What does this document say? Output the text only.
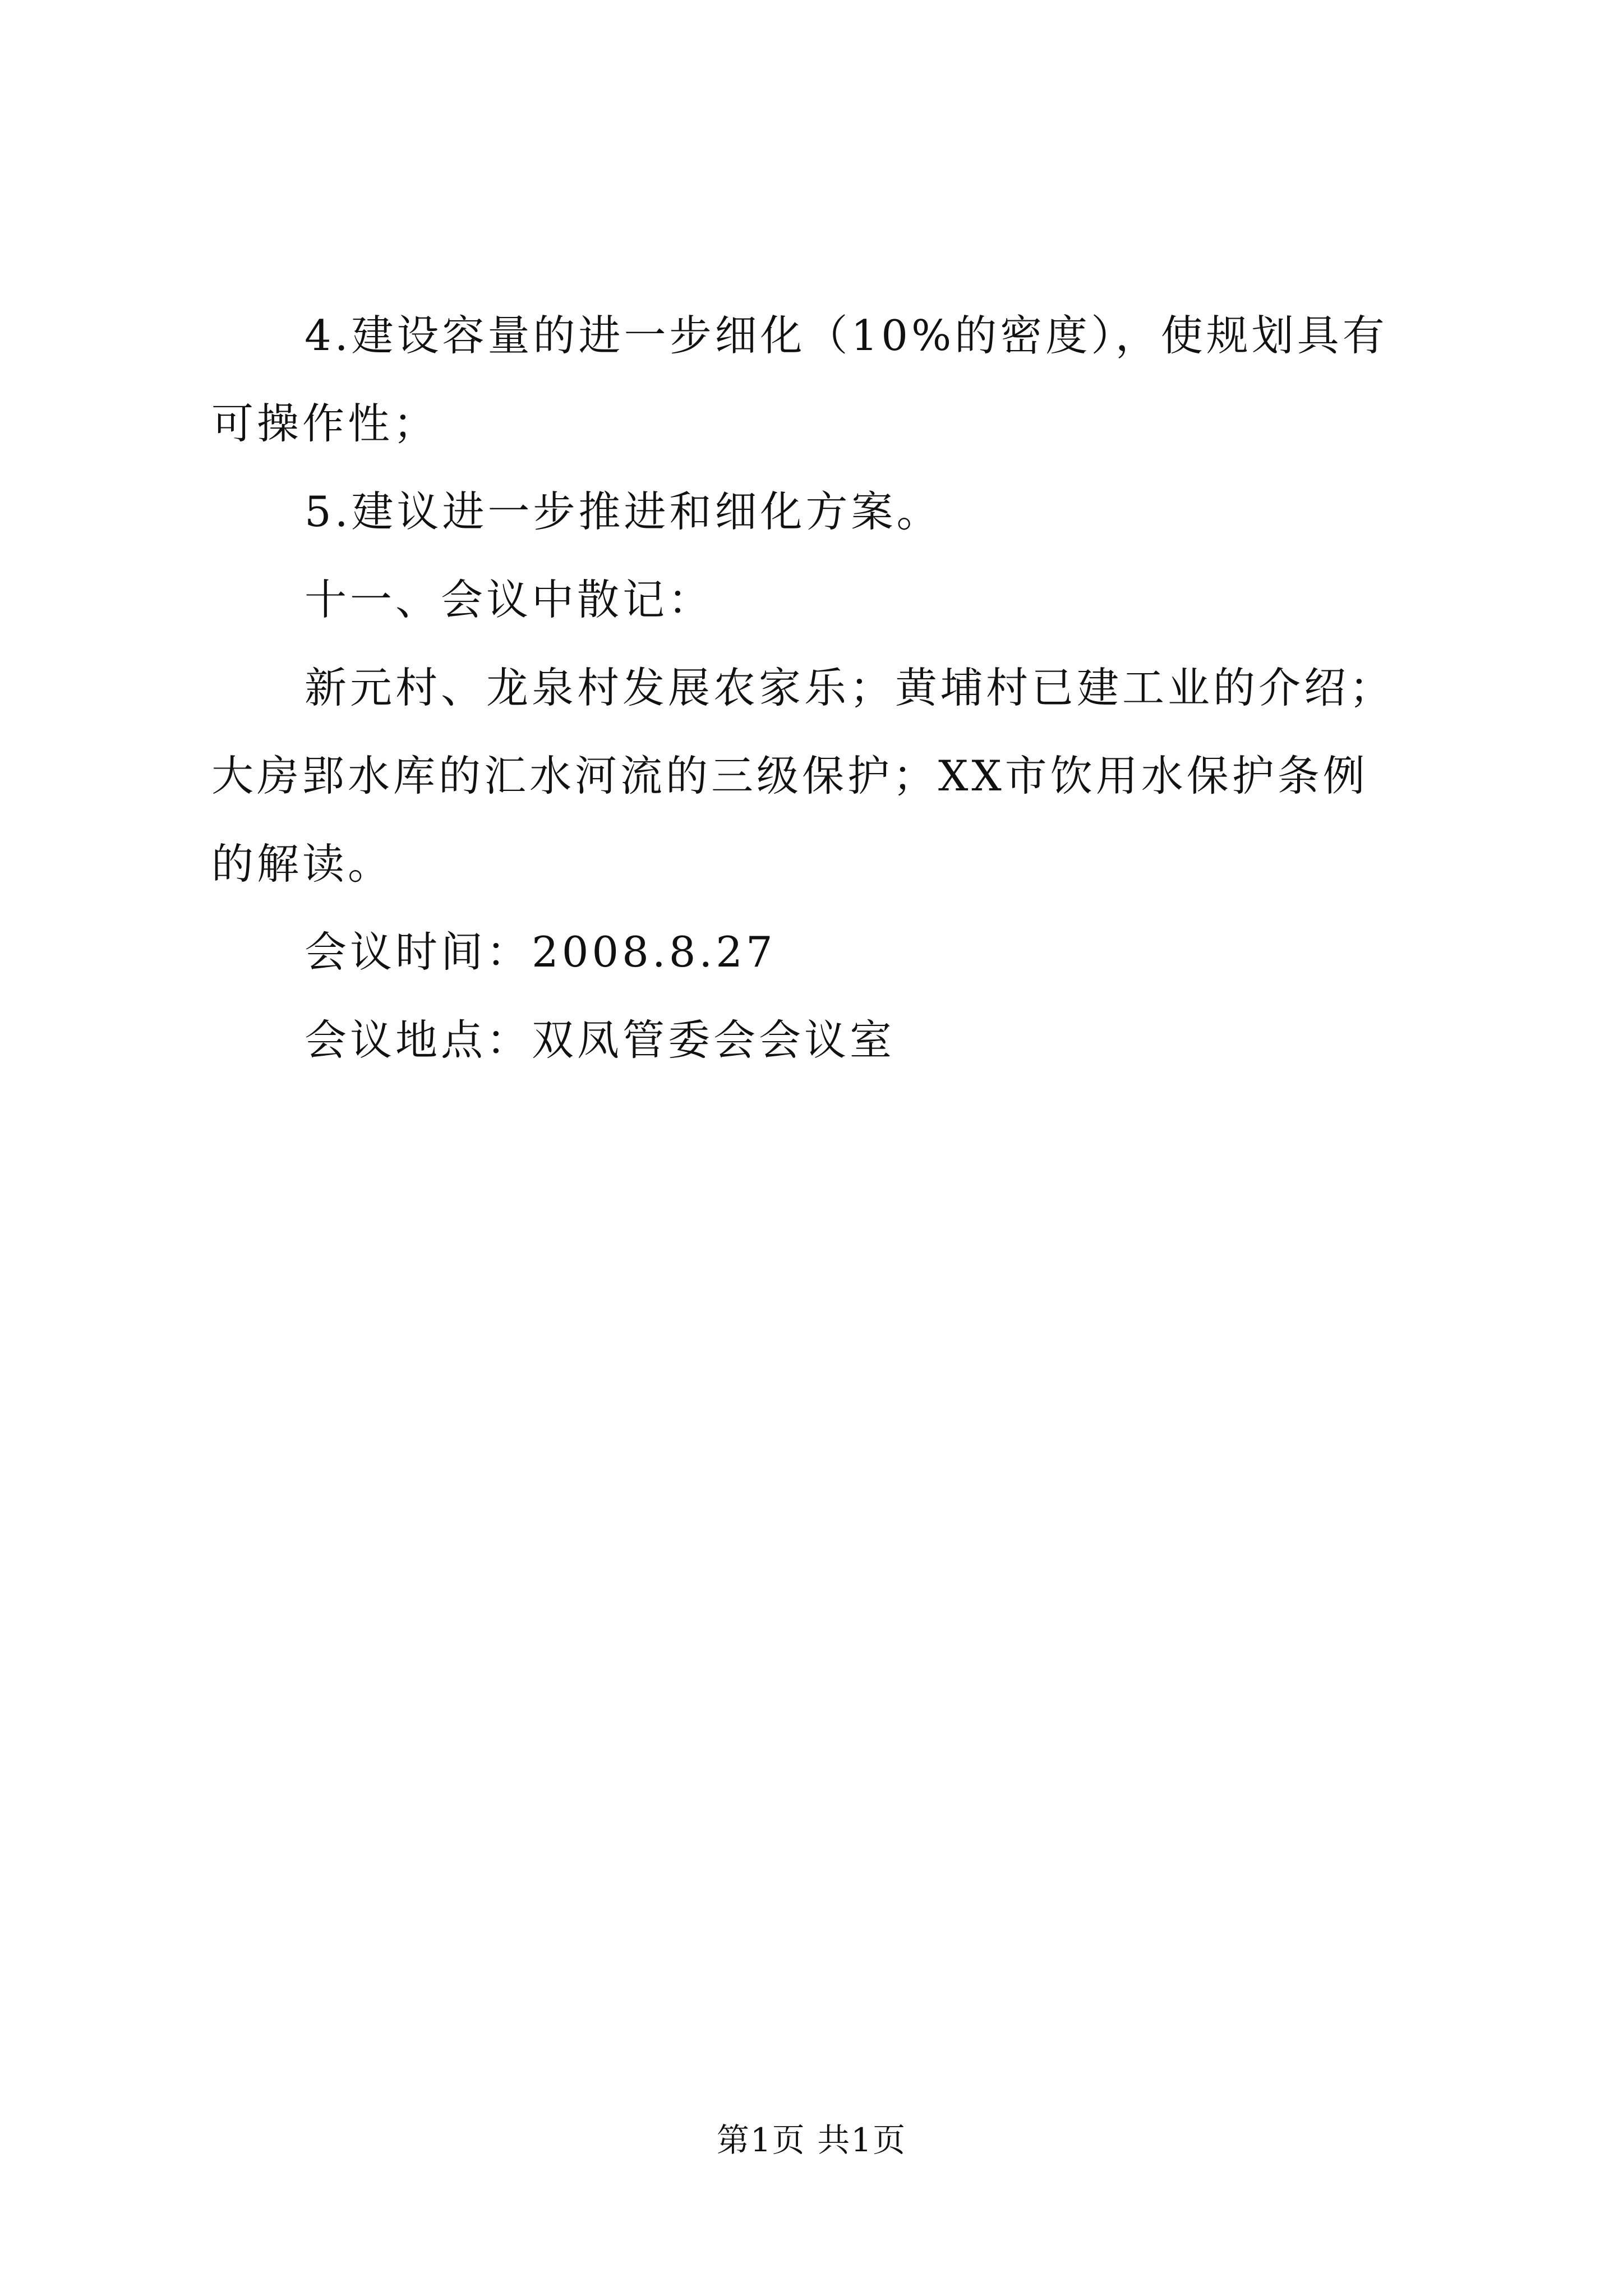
4.建设容量的进一步细化（10%的密度），使规划具有可操作性；

5.建议进一步推进和细化方案。

十一、会议中散记：

新元村、龙泉村发展农家乐；黄埔村已建工业的介绍；大房郢水库的汇水河流的三级保护；XX市饮用水保护条例的解读。

会议时间：2008.8.27

会议地点：双凤管委会会议室

第1页 共1页
